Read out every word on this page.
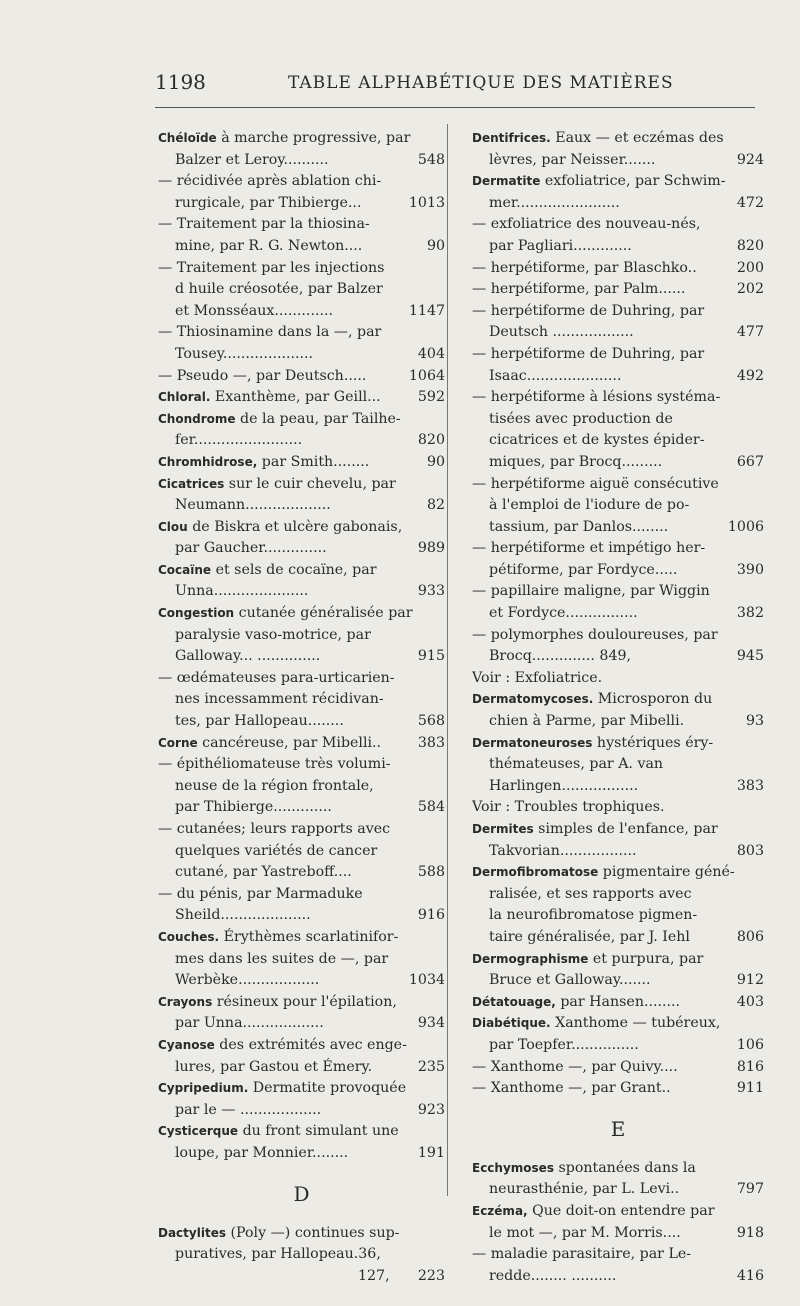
1198	TABLE ALPHABÉTIQUE DES MATIÈRES
Chéloïde à marche progressive, par
Balzer et Leroy..........	548
— récidivée après ablation chi-
rurgicale, par Thibierge...	1013
— Traitement par la thiosina-
mine, par R. G. Newton....	90
— Traitement par les injections
d huile créosotée, par Balzer
et Monsséaux.............	1147
— Thiosinamine dans la —, par
Tousey....................	404
— Pseudo —, par Deutsch.....	1064
Chloral. Exanthème, par Geill...	592
Chondrome de la peau, par Tailhe-
fer........................	820
Chromhidrose, par Smith........	90
Cicatrices sur le cuir chevelu, par
Neumann...................	82
Clou de Biskra et ulcère gabonais,
par Gaucher..............	989
Cocaïne et sels de cocaïne, par
Unna.....................	933
Congestion cutanée généralisée par
paralysie vaso-motrice, par
Galloway... ..............	915
— œdémateuses para-urticarien-
nes incessamment récidivan-
tes, par Hallopeau........	568
Corne cancéreuse, par Mibelli..	383
— épithéliomateuse très volumi-
neuse de la région frontale,
par Thibierge.............	584
— cutanées; leurs rapports avec
quelques variétés de cancer
cutané, par Yastreboff....	588
— du pénis, par Marmaduke
Sheild....................	916
Couches. Érythèmes scarlatinifor-
mes dans les suites de —, par
Werbèke..................	1034
Crayons résineux pour l'épilation,
par Unna..................	934
Cyanose des extrémités avec enge-
lures, par Gastou et Émery.	235
Cypripedium. Dermatite provoquée
par le — ..................	923
Cysticerque du front simulant une
loupe, par Monnier........	191
D
Dactylites (Poly —) continues sup-
puratives, par Hallopeau.36,
127, 223
Dentifrices. Eaux — et eczémas des
lèvres, par Neisser.......	924
Dermatite exfoliatrice, par Schwim-
mer.......................	472
— exfoliatrice des nouveau-nés,
par Pagliari.............	820
— herpétiforme, par Blaschko..	200
— herpétiforme, par Palm......	202
— herpétiforme de Duhring, par
Deutsch ..................	477
— herpétiforme de Duhring, par
Isaac.....................	492
— herpétiforme à lésions systéma-
tisées avec production de
cicatrices et de kystes épider-
miques, par Brocq.........	667
— herpétiforme aiguë consécutive
à l'emploi de l'iodure de po-
tassium, par Danlos........	1006
— herpétiforme et impétigo her-
pétiforme, par Fordyce.....	390
— papillaire maligne, par Wiggin
et Fordyce................	382
— polymorphes douloureuses, par
Brocq.............. 849,	945
Voir : Exfoliatrice.
Dermatomycoses. Microsporon du
chien à Parme, par Mibelli.	93
Dermatoneuroses hystériques éry-
thémateuses, par A. van
Harlingen.................	383
Voir : Troubles trophiques.
Dermites simples de l'enfance, par
Takvorian.................	803
Dermofibromatose pigmentaire géné-
ralisée, et ses rapports avec
la neurofibromatose pigmen-
taire généralisée, par J. Iehl	806
Dermographisme et purpura, par
Bruce et Galloway.......	912
Détatouage, par Hansen........	403
Diabétique. Xanthome — tubéreux,
par Toepfer...............	106
— Xanthome —, par Quivy....	816
— Xanthome —, par Grant..	911
E
Ecchymoses spontanées dans la
neurasthénie, par L. Levi..	797
Eczéma, Que doit-on entendre par
le mot —, par M. Morris....	918
— maladie parasitaire, par Le-
redde........ ..........	416
